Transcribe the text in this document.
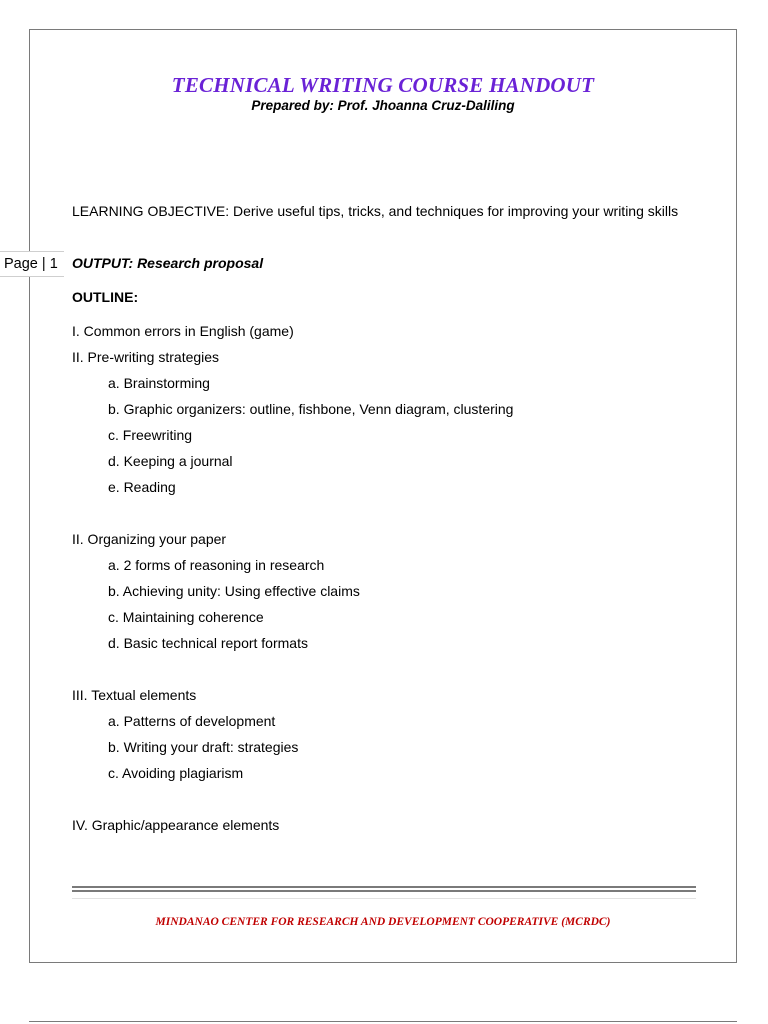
TECHNICAL WRITING COURSE HANDOUT
Prepared by: Prof. Jhoanna Cruz-Daliling
LEARNING OBJECTIVE: Derive useful tips, tricks, and techniques for improving your writing skills
OUTPUT: Research proposal
OUTLINE:
I. Common errors in English (game)
II. Pre-writing strategies
a. Brainstorming
b. Graphic organizers: outline, fishbone, Venn diagram, clustering
c. Freewriting
d. Keeping a journal
e. Reading
II. Organizing your paper
a. 2 forms of reasoning in research
b. Achieving unity: Using effective claims
c. Maintaining coherence
d. Basic technical report formats
III. Textual elements
a. Patterns of development
b. Writing your draft: strategies
c. Avoiding plagiarism
IV. Graphic/appearance elements
MINDANAO CENTER FOR RESEARCH AND DEVELOPMENT COOPERATIVE (MCRDC)
Page | 1
